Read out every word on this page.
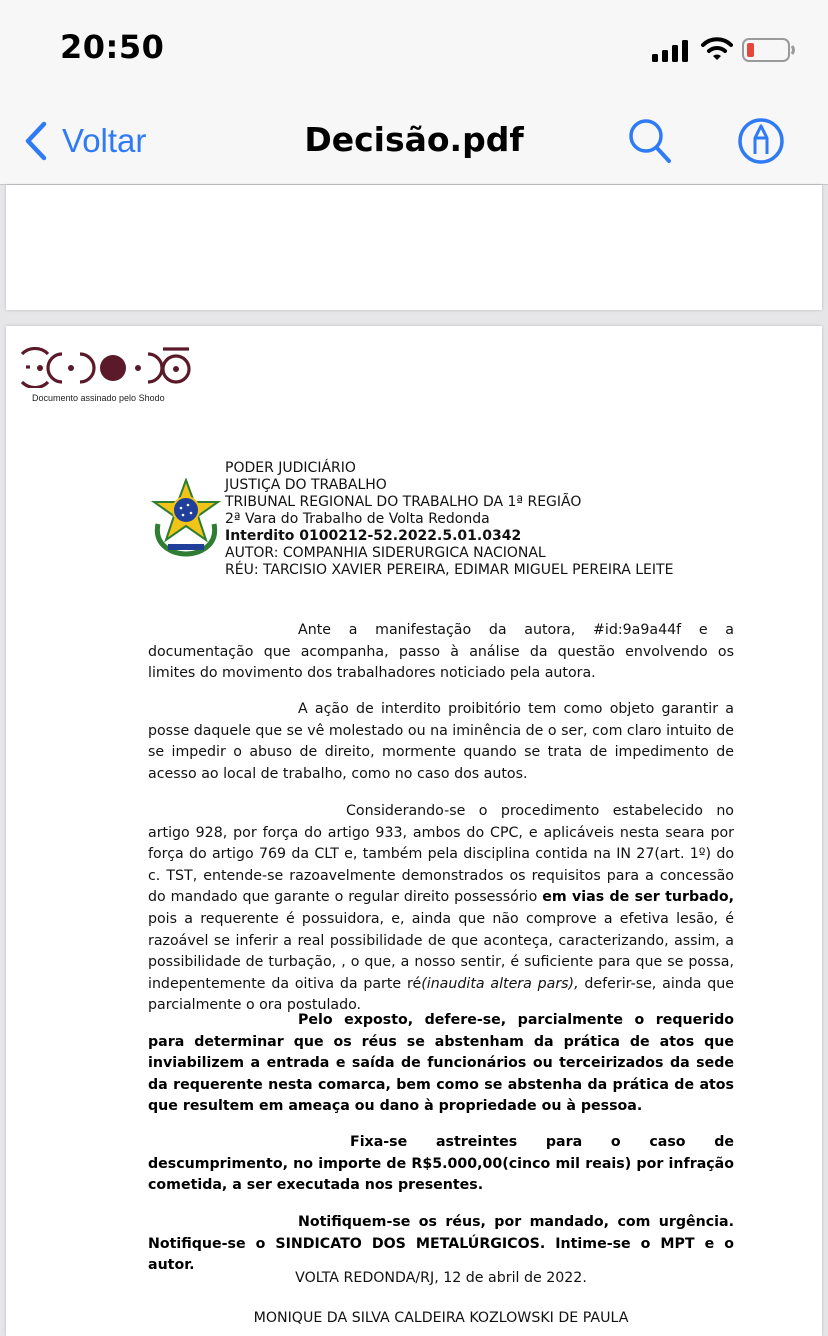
20:50
Voltar	Decisão.pdf
Documento assinado pelo Shodo
PODER JUDICIÁRIO
JUSTIÇA DO TRABALHO
TRIBUNAL REGIONAL DO TRABALHO DA 1ª REGIÃO
2ª Vara do Trabalho de Volta Redonda
Interdito 0100212-52.2022.5.01.0342
AUTOR: COMPANHIA SIDERURGICA NACIONAL
RÉU: TARCISIO XAVIER PEREIRA, EDIMAR MIGUEL PEREIRA LEITE
Ante a manifestação da autora, #id:9a9a44f e a documentação que acompanha, passo à análise da questão envolvendo os limites do movimento dos trabalhadores noticiado pela autora.
A ação de interdito proibitório tem como objeto garantir a posse daquele que se vê molestado ou na iminência de o ser, com claro intuito de se impedir o abuso de direito, mormente quando se trata de impedimento de acesso ao local de trabalho, como no caso dos autos.
Considerando-se o procedimento estabelecido no artigo 928, por força do artigo 933, ambos do CPC, e aplicáveis nesta seara por força do artigo 769 da CLT e, também pela disciplina contida na IN 27(art. 1º) do c. TST, entende-se razoavelmente demonstrados os requisitos para a concessão do mandado que garante o regular direito possessório em vias de ser turbado, pois a requerente é possuidora, e, ainda que não comprove a efetiva lesão, é razoável se inferir a real possibilidade de que aconteça, caracterizando, assim, a possibilidade de turbação, , o que, a nosso sentir, é suficiente para que se possa, indepentemente da oitiva da parte ré(inaudita altera pars), deferir-se, ainda que parcialmente o ora postulado.
Pelo exposto, defere-se, parcialmente o requerido para determinar que os réus se abstenham da prática de atos que inviabilizem a entrada e saída de funcionários ou terceirizados da sede da requerente nesta comarca, bem como se abstenha da prática de atos que resultem em ameaça ou dano à propriedade ou à pessoa.
Fixa-se astreintes para o caso de descumprimento, no importe de R$5.000,00(cinco mil reais) por infração cometida, a ser executada nos presentes.
Notifiquem-se os réus, por mandado, com urgência. Notifique-se o SINDICATO DOS METALÚRGICOS. Intime-se o MPT e o autor.
VOLTA REDONDA/RJ, 12 de abril de 2022.
MONIQUE DA SILVA CALDEIRA KOZLOWSKI DE PAULA
